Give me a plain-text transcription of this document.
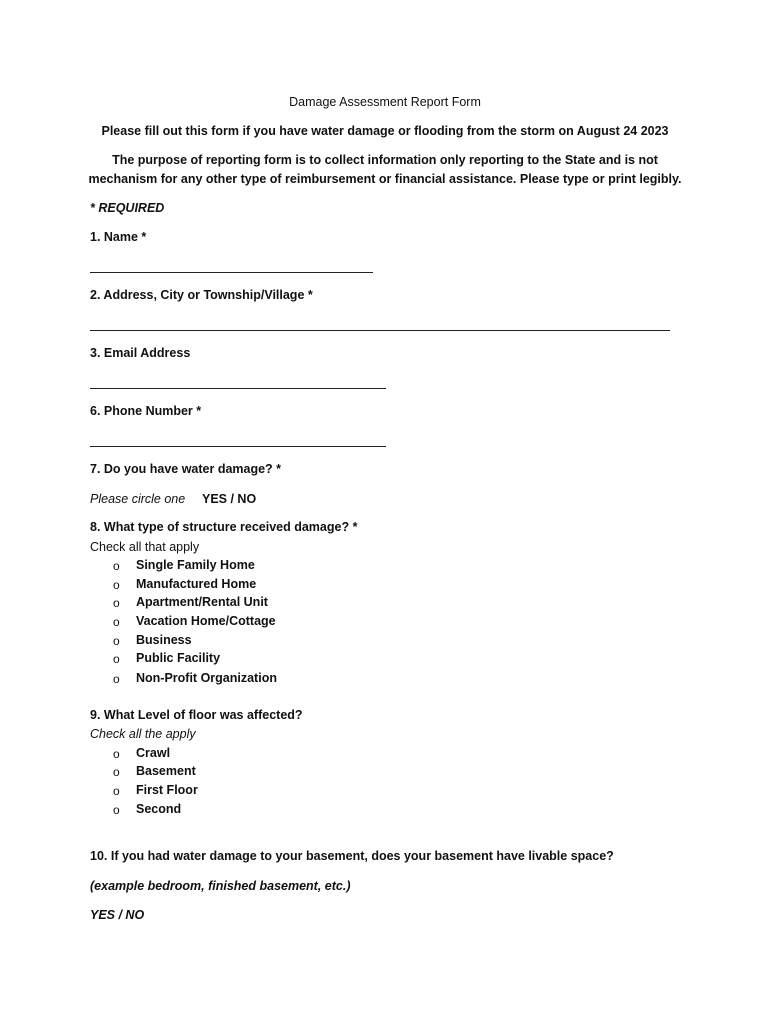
Damage Assessment Report Form
Please fill out this form if you have water damage or flooding from the storm on August 24 2023
The purpose of reporting form is to collect information only reporting to the State and is not
mechanism for any other type of reimbursement or financial assistance. Please type or print legibly.
* REQUIRED
1. Name *
2. Address, City or Township/Village *
3. Email Address
6. Phone Number *
7. Do you have water damage? *
Please circle one YES / NO
8. What type of structure received damage? *
Check all that apply
o Single Family Home
o Manufactured Home
o Apartment/Rental Unit
o Vacation Home/Cottage
o Business
o Public Facility
o Non-Profit Organization
9. What Level of floor was affected?
Check all the apply
o Crawl
o Basement
o First Floor
o Second
10. If you had water damage to your basement, does your basement have livable space?
(example bedroom, finished basement, etc.)
YES / NO
